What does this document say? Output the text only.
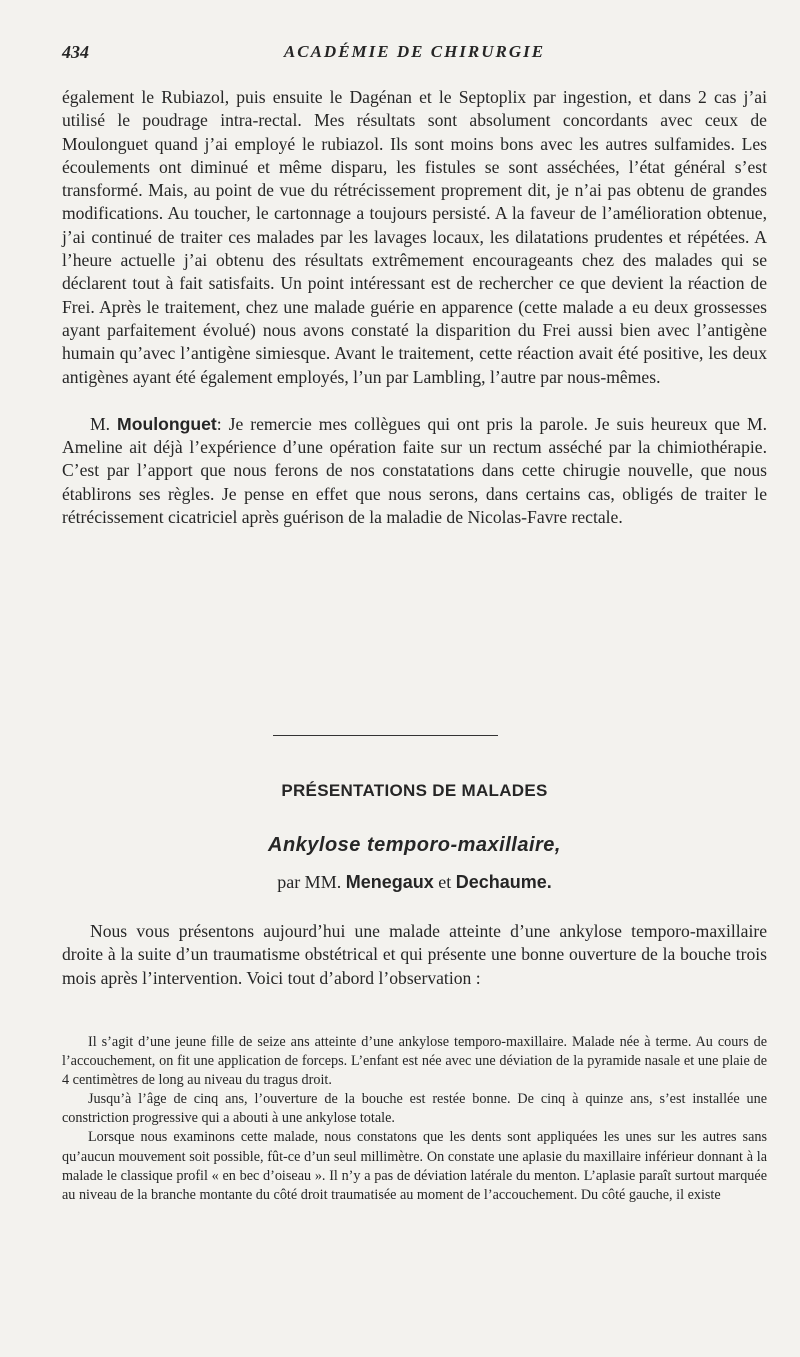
434	ACADÉMIE DE CHIRURGIE

également le Rubiazol, puis ensuite le Dagénan et le Septoplix par ingestion, et dans 2 cas j’ai utilisé le poudrage intra-rectal. Mes résultats sont absolument concordants avec ceux de Moulonguet quand j’ai employé le rubiazol. Ils sont moins bons avec les autres sulfamides. Les écoulements ont diminué et même disparu, les fistules se sont asséchées, l’état général s’est transformé. Mais, au point de vue du rétrécissement proprement dit, je n’ai pas obtenu de grandes modifications. Au toucher, le cartonnage a toujours persisté. A la faveur de l’amélioration obtenue, j’ai continué de traiter ces malades par les lavages locaux, les dilatations prudentes et répétées. A l’heure actuelle j’ai obtenu des résultats extrêmement encourageants chez des malades qui se déclarent tout à fait satisfaits. Un point intéressant est de rechercher ce que devient la réaction de Frei. Après le traitement, chez une malade guérie en apparence (cette malade a eu deux grossesses ayant parfaitement évolué) nous avons constaté la disparition du Frei aussi bien avec l’antigène humain qu’avec l’antigène simiesque. Avant le traitement, cette réaction avait été positive, les deux antigènes ayant été également employés, l’un par Lambling, l’autre par nous-mêmes.

M. Moulonguet: Je remercie mes collègues qui ont pris la parole. Je suis heureux que M. Ameline ait déjà l’expérience d’une opération faite sur un rectum asséché par la chimiothérapie. C’est par l’apport que nous ferons de nos constatations dans cette chirugie nouvelle, que nous établirons ses règles. Je pense en effet que nous serons, dans certains cas, obligés de traiter le rétrécissement cicatriciel après guérison de la maladie de Nicolas-Favre rectale.

PRÉSENTATIONS DE MALADES
Ankylose temporo-maxillaire,
par MM. Menegaux et Dechaume.

Nous vous présentons aujourd’hui une malade atteinte d’une ankylose temporo-maxillaire droite à la suite d’un traumatisme obstétrical et qui présente une bonne ouverture de la bouche trois mois après l’intervention. Voici tout d’abord l’observation :

Il s’agit d’une jeune fille de seize ans atteinte d’une ankylose temporo-maxillaire. Malade née à terme. Au cours de l’accouchement, on fit une application de forceps. L’enfant est née avec une déviation de la pyramide nasale et une plaie de 4 centimètres de long au niveau du tragus droit.

Jusqu’à l’âge de cinq ans, l’ouverture de la bouche est restée bonne. De cinq à quinze ans, s’est installée une constriction progressive qui a abouti à une ankylose totale.

Lorsque nous examinons cette malade, nous constatons que les dents sont appliquées les unes sur les autres sans qu’aucun mouvement soit possible, fût-ce d’un seul millimètre. On constate une aplasie du maxillaire inférieur donnant à la malade le classique profil « en bec d’oiseau ». Il n’y a pas de déviation latérale du menton. L’aplasie paraît surtout marquée au niveau de la branche montante du côté droit traumatisée au moment de l’accouchement. Du côté gauche, il existe
